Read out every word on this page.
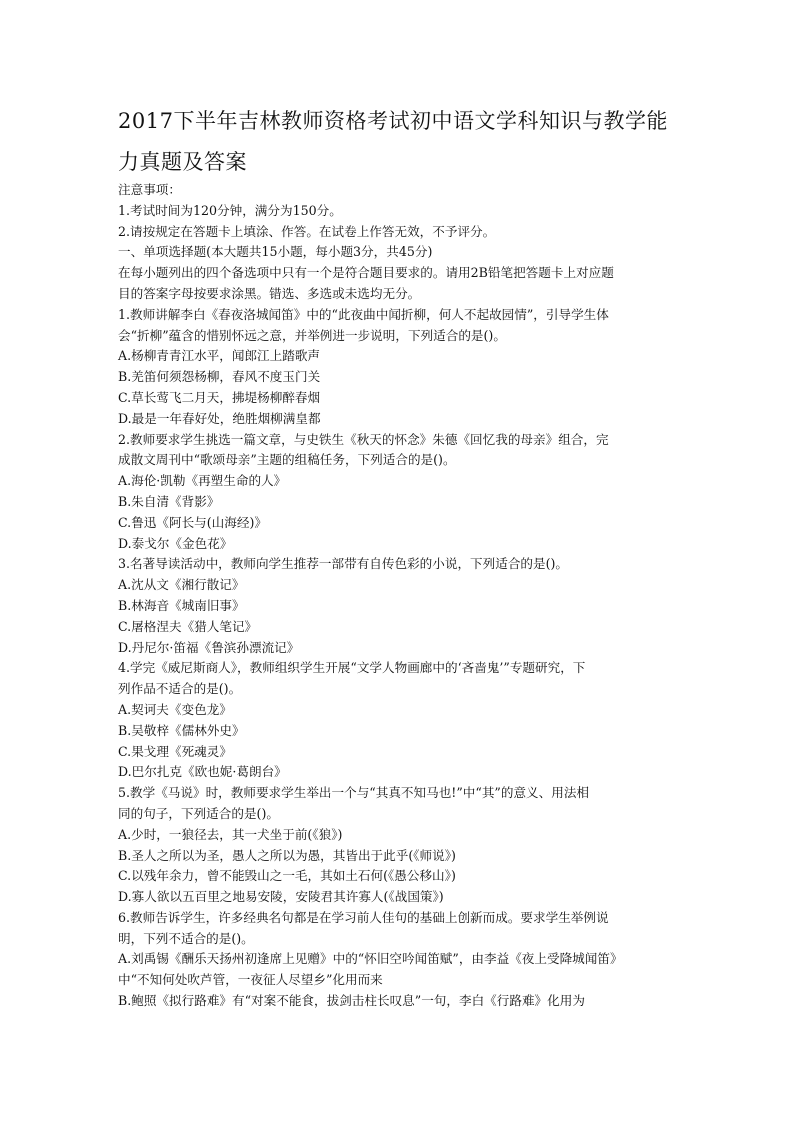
2017下半年吉林教师资格考试初中语文学科知识与教学能
力真题及答案
注意事项：
1.考试时间为120分钟，满分为150分。
2.请按规定在答题卡上填涂、作答。在试卷上作答无效，不予评分。
一、单项选择题(本大题共15小题，每小题3分，共45分)
在每小题列出的四个备选项中只有一个是符合题目要求的。请用2B铅笔把答题卡上对应题
目的答案字母按要求涂黑。错选、多选或未选均无分。
1.教师讲解李白《春夜洛城闻笛》中的“此夜曲中闻折柳，何人不起故园情”，引导学生体
会“折柳”蕴含的惜别怀远之意，并举例进一步说明，下列适合的是()。
A.杨柳青青江水平，闻郎江上踏歌声
B.羌笛何须怨杨柳，春风不度玉门关
C.草长莺飞二月天，拂堤杨柳醉春烟
D.最是一年春好处，绝胜烟柳满皇都
2.教师要求学生挑选一篇文章，与史铁生《秋天的怀念》朱德《回忆我的母亲》组合，完
成散文周刊中“歌颂母亲”主题的组稿任务，下列适合的是()。
A.海伦·凯勒《再塑生命的人》
B.朱自清《背影》
C.鲁迅《阿长与(山海经)》
D.泰戈尔《金色花》
3.名著导读活动中，教师向学生推荐一部带有自传色彩的小说，下列适合的是()。
A.沈从文《湘行散记》
B.林海音《城南旧事》
C.屠格涅夫《猎人笔记》
D.丹尼尔·笛福《鲁滨孙漂流记》
4.学完《威尼斯商人》，教师组织学生开展“文学人物画廊中的‘吝啬鬼’”专题研究，下
列作品不适合的是()。
A.契诃夫《变色龙》
B.吴敬梓《儒林外史》
C.果戈理《死魂灵》
D.巴尔扎克《欧也妮·葛朗台》
5.教学《马说》时，教师要求学生举出一个与“其真不知马也!”中“其”的意义、用法相
同的句子，下列适合的是()。
A.少时，一狼径去，其一犬坐于前(《狼》)
B.圣人之所以为圣，愚人之所以为愚，其皆出于此乎(《师说》)
C.以残年余力，曾不能毁山之一毛，其如土石何(《愚公移山》)
D.寡人欲以五百里之地易安陵，安陵君其许寡人(《战国策》)
6.教师告诉学生，许多经典名句都是在学习前人佳句的基础上创新而成。要求学生举例说
明，下列不适合的是()。
A.刘禹锡《酬乐天扬州初逢席上见赠》中的“怀旧空吟闻笛赋”，由李益《夜上受降城闻笛》
中“不知何处吹芦管，一夜征人尽望乡”化用而来
B.鲍照《拟行路难》有“对案不能食，拔剑击柱长叹息”一句，李白《行路难》化用为
